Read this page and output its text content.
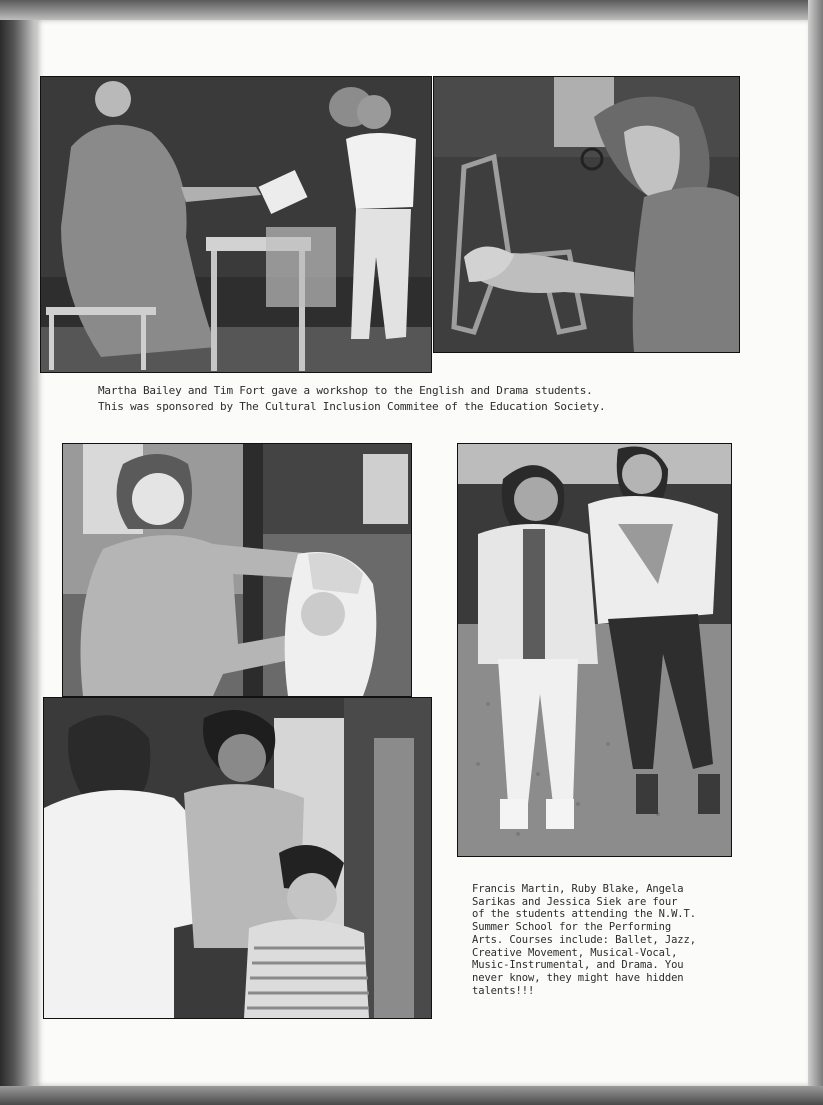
Martha Bailey and Tim Fort gave a workshop to the English and Drama students.
This was sponsored by The Cultural Inclusion Commitee of the Education Society.
Francis Martin, Ruby Blake, Angela
Sarikas and Jessica Siek are four
of the students attending the N.W.T.
Summer School for the Performing
Arts. Courses include: Ballet, Jazz,
Creative Movement, Musical-Vocal,
Music-Instrumental, and Drama. You
never know, they might have hidden
talents!!!
